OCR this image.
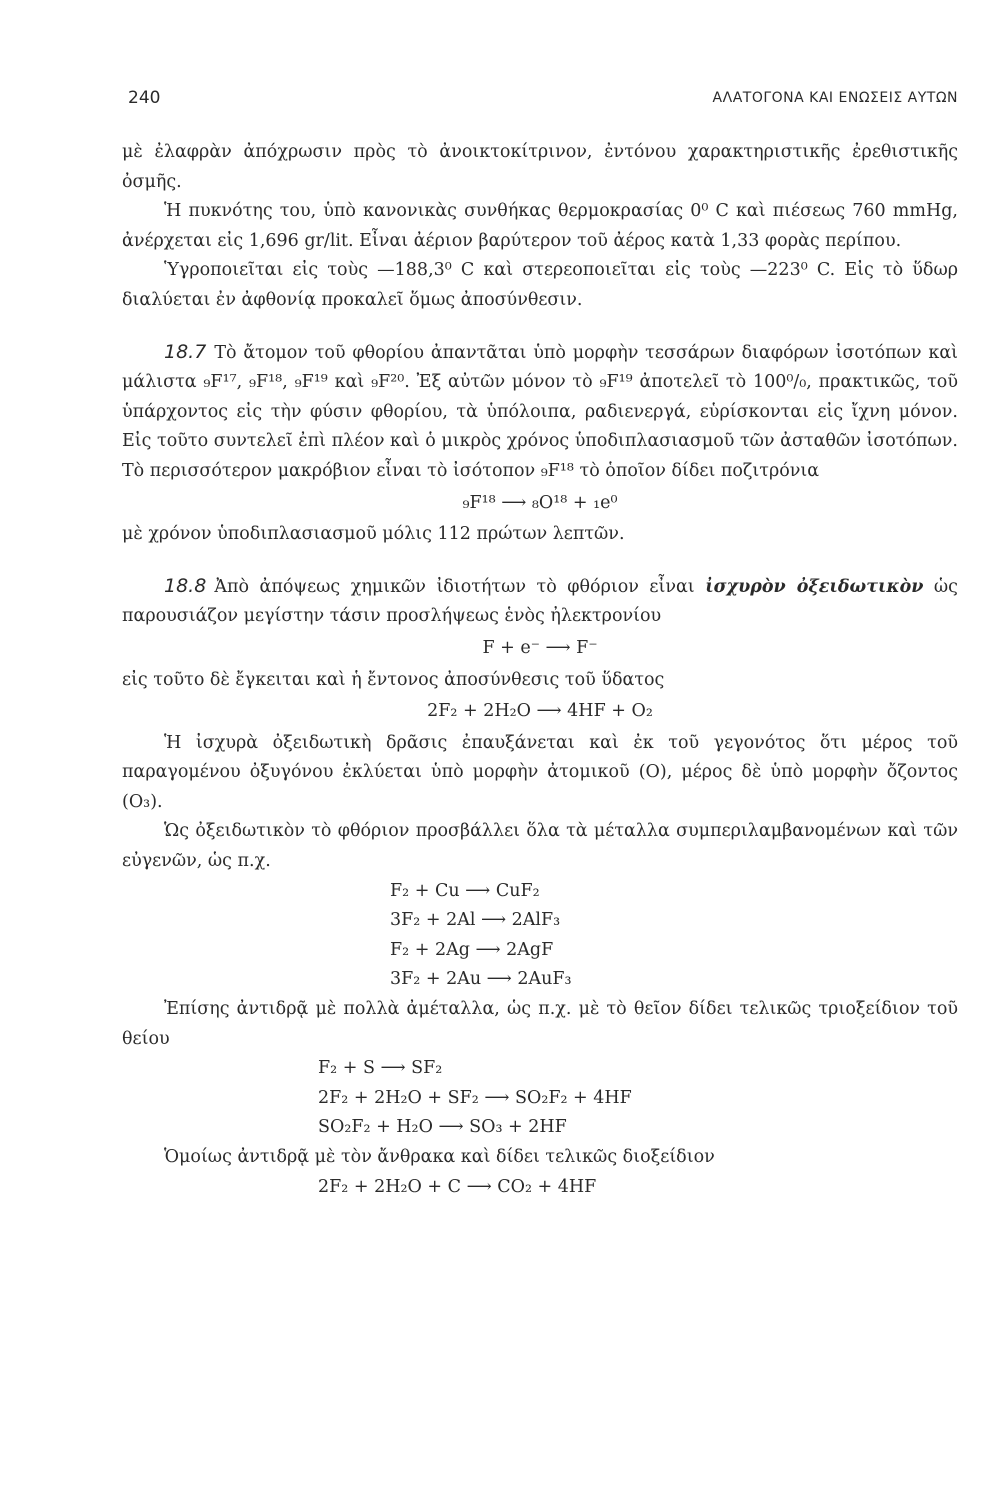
240	ΑΛΑΤΟΓΟΝΑ ΚΑΙ ΕΝΩΣΕΙΣ ΑΥΤΩΝ

μὲ ἐλαφρὰν ἀπόχρωσιν πρὸς τὸ ἀνοικτοκίτρινον, ἐντόνου χαρακτηριστικῆς ἐρεθιστικῆς ὀσμῆς.

Ἡ πυκνότης του, ὑπὸ κανονικὰς συνθήκας θερμοκρασίας 0⁰ C καὶ πιέσεως 760 mmHg, ἀνέρχεται εἰς 1,696 gr/lit. Εἶναι ἀέριον βαρύτερον τοῦ ἀέρος κατὰ 1,33 φορὰς περίπου.

Ὑγροποιεῖται εἰς τοὺς —188,3⁰ C καὶ στερεοποιεῖται εἰς τοὺς —223⁰ C. Εἰς τὸ ὕδωρ διαλύεται ἐν ἀφθονίᾳ προκαλεῖ ὅμως ἀποσύνθεσιν.

18.7 Τὸ ἄτομον τοῦ φθορίου ἀπαντᾶται ὑπὸ μορφὴν τεσσάρων διαφόρων ἰσοτόπων καὶ μάλιστα ₉F¹⁷, ₉F¹⁸, ₉F¹⁹ καὶ ₉F²⁰. Ἐξ αὐτῶν μόνον τὸ ₉F¹⁹ ἀποτελεῖ τὸ 100⁰/₀, πρακτικῶς, τοῦ ὑπάρχοντος εἰς τὴν φύσιν φθορίου, τὰ ὑπόλοιπα, ραδιενεργά, εὑρίσκονται εἰς ἴχνη μόνον. Εἰς τοῦτο συντελεῖ ἐπὶ πλέον καὶ ὁ μικρὸς χρόνος ὑποδιπλασιασμοῦ τῶν ἀσταθῶν ἰσοτόπων. Τὸ περισσότερον μακρόβιον εἶναι τὸ ἰσότοπον ₉F¹⁸ τὸ ὁποῖον δίδει ποζιτρόνια

₉F¹⁸ ⟶ ₈O¹⁸ + ₁e⁰

μὲ χρόνον ὑποδιπλασιασμοῦ μόλις 112 πρώτων λεπτῶν.

18.8 Ἀπὸ ἀπόψεως χημικῶν ἰδιοτήτων τὸ φθόριον εἶναι ἰσχυρὸν ὀξειδωτικὸν ὡς παρουσιάζον μεγίστην τάσιν προσλήψεως ἑνὸς ἠλεκτρονίου

F + e⁻ ⟶ F⁻

εἰς τοῦτο δὲ ἔγκειται καὶ ἡ ἔντονος ἀποσύνθεσις τοῦ ὕδατος

2F₂ + 2H₂O ⟶ 4HF + O₂

Ἡ ἰσχυρὰ ὀξειδωτικὴ δρᾶσις ἐπαυξάνεται καὶ ἐκ τοῦ γεγονότος ὅτι μέρος τοῦ παραγομένου ὀξυγόνου ἐκλύεται ὑπὸ μορφὴν ἀτομικοῦ (O), μέρος δὲ ὑπὸ μορφὴν ὄζοντος (O₃).

Ὡς ὀξειδωτικὸν τὸ φθόριον προσβάλλει ὅλα τὰ μέταλλα συμπεριλαμβανομένων καὶ τῶν εὐγενῶν, ὡς π.χ.

F₂ + Cu ⟶ CuF₂

3F₂ + 2Al ⟶ 2AlF₃

F₂ + 2Ag ⟶ 2AgF

3F₂ + 2Au ⟶ 2AuF₃

Ἐπίσης ἀντιδρᾷ μὲ πολλὰ ἀμέταλλα, ὡς π.χ. μὲ τὸ θεῖον δίδει τελικῶς τριοξείδιον τοῦ θείου

F₂ + S ⟶ SF₂

2F₂ + 2H₂O + SF₂ ⟶ SO₂F₂ + 4HF

SO₂F₂ + H₂O ⟶ SO₃ + 2HF

Ὁμοίως ἀντιδρᾷ μὲ τὸν ἄνθρακα καὶ δίδει τελικῶς διοξείδιον

2F₂ + 2H₂O + C ⟶ CO₂ + 4HF
